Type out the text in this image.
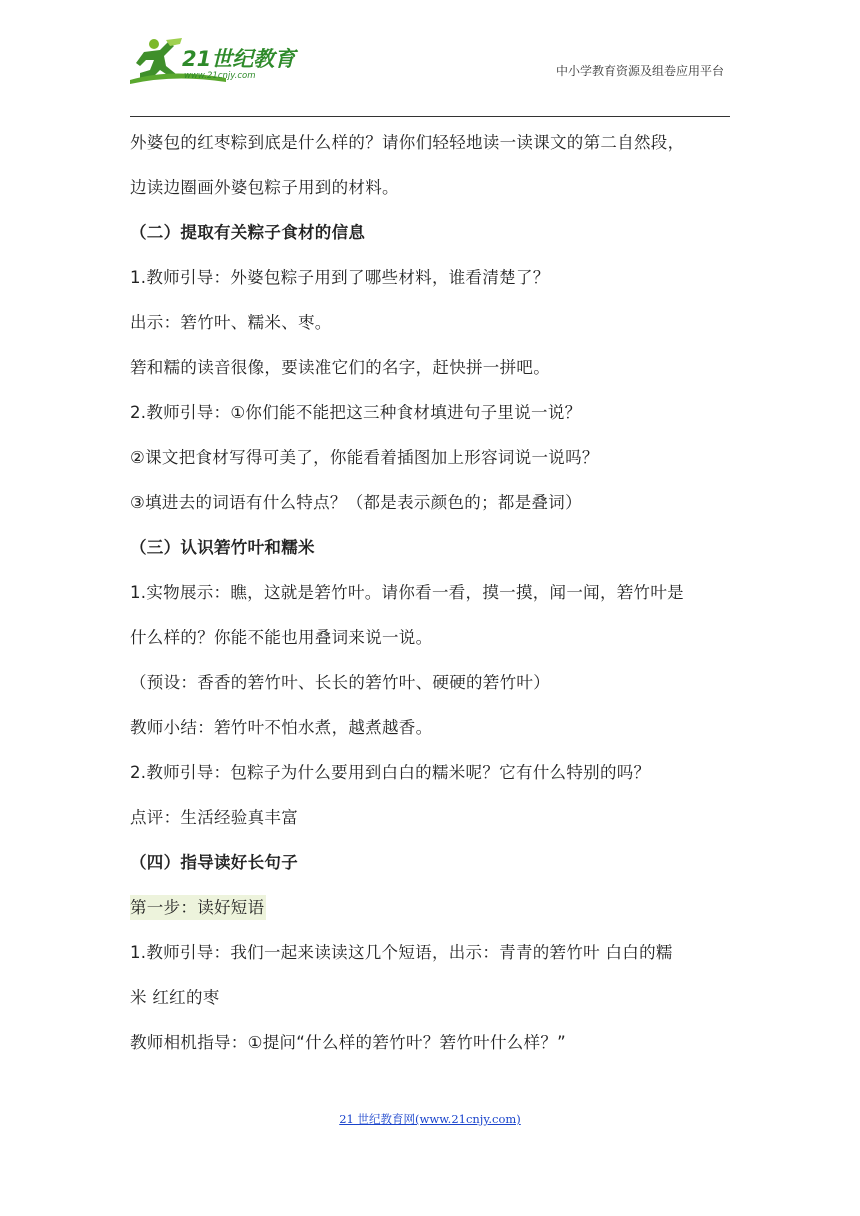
21世纪教育
www.21cnjy.com	中小学教育资源及组卷应用平台
外婆包的红枣粽到底是什么样的？请你们轻轻地读一读课文的第二自然段，
边读边圈画外婆包粽子用到的材料。
（二）提取有关粽子食材的信息
1.教师引导：外婆包粽子用到了哪些材料，谁看清楚了？
出示：箬竹叶、糯米、枣。
箬和糯的读音很像，要读准它们的名字，赶快拼一拼吧。
2.教师引导：①你们能不能把这三种食材填进句子里说一说？
②课文把食材写得可美了，你能看着插图加上形容词说一说吗？
③填进去的词语有什么特点？（都是表示颜色的；都是叠词）
（三）认识箬竹叶和糯米
1.实物展示：瞧，这就是箬竹叶。请你看一看，摸一摸，闻一闻，箬竹叶是
什么样的？你能不能也用叠词来说一说。
（预设：香香的箬竹叶、长长的箬竹叶、硬硬的箬竹叶）
教师小结：箬竹叶不怕水煮，越煮越香。
2.教师引导：包粽子为什么要用到白白的糯米呢？它有什么特别的吗？
点评：生活经验真丰富
（四）指导读好长句子
第一步：读好短语
1.教师引导：我们一起来读读这几个短语，出示：青青的箬竹叶 白白的糯
米 红红的枣
教师相机指导：①提问“什么样的箬竹叶？箬竹叶什么样？”
21 世纪教育网(www.21cnjy.com)
